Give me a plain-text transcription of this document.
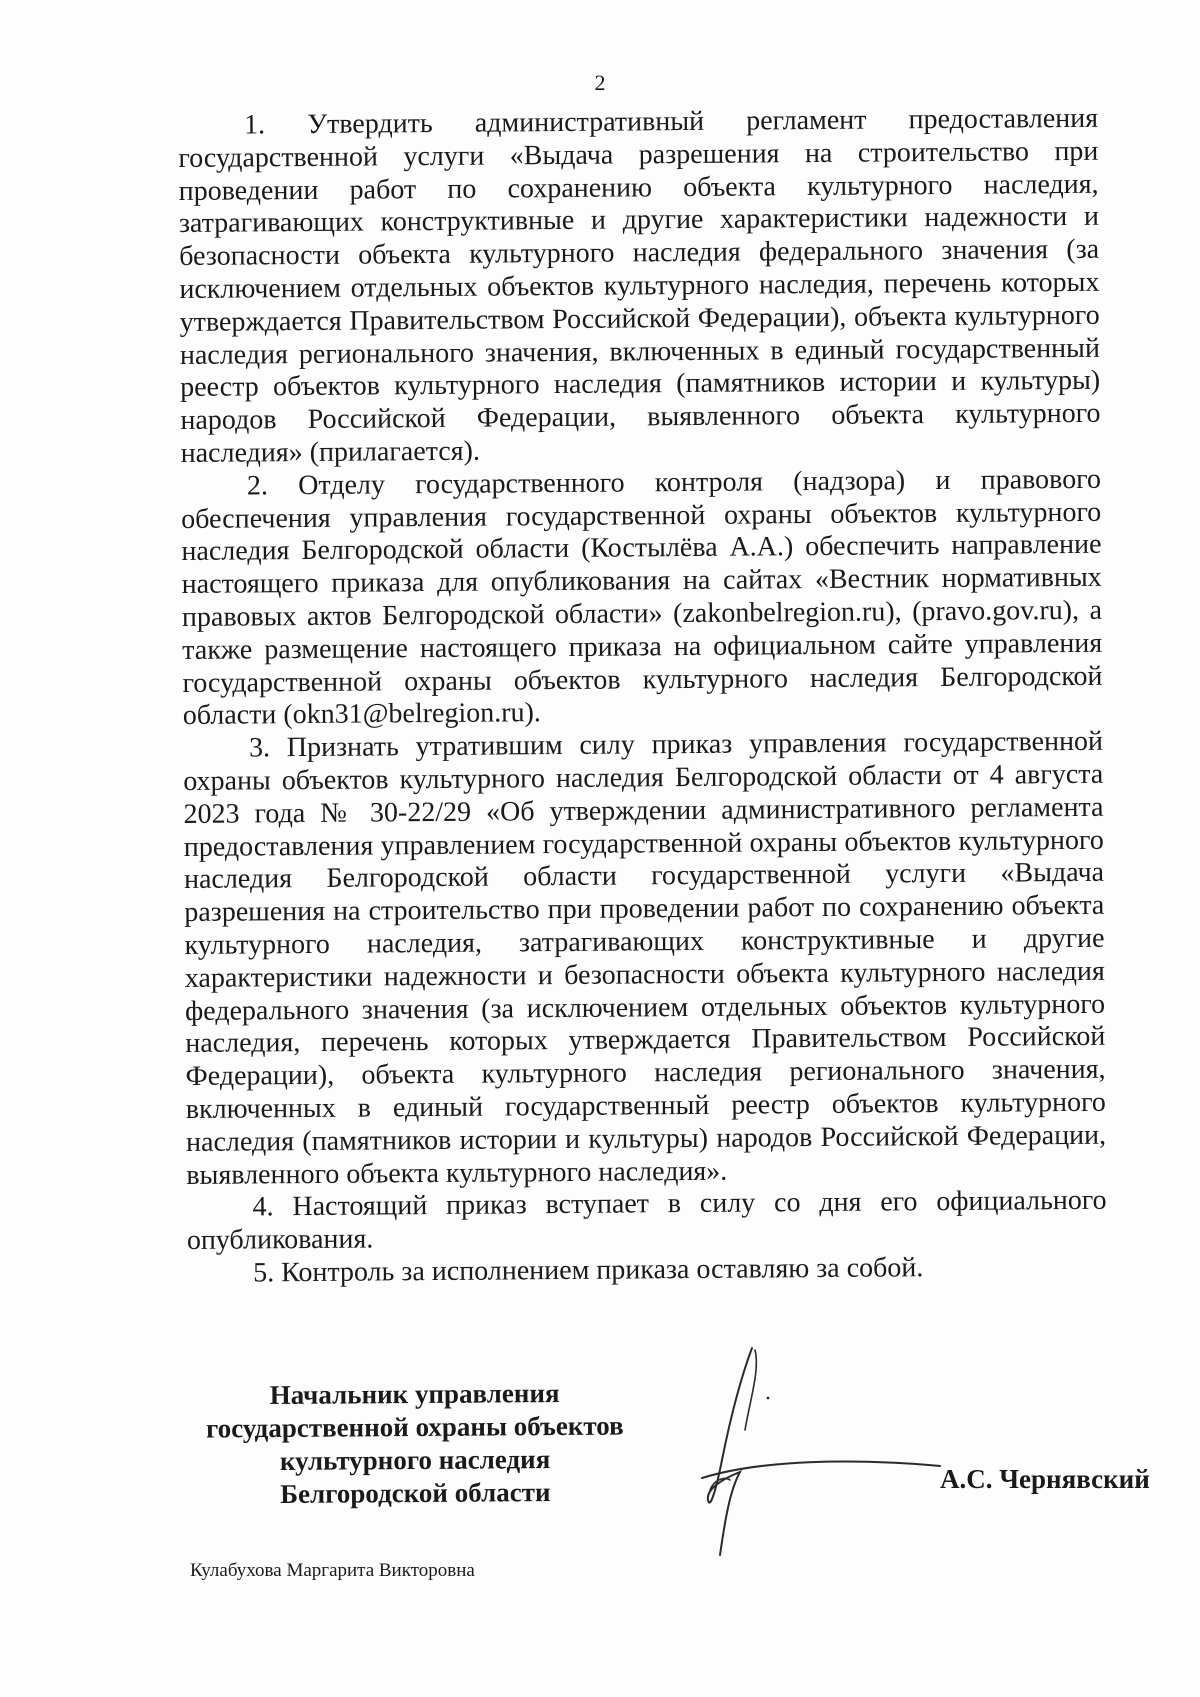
2

1. Утвердить административный регламент предоставления государственной услуги «Выдача разрешения на строительство при проведении работ по сохранению объекта культурного наследия, затрагивающих конструктивные и другие характеристики надежности и безопасности объекта культурного наследия федерального значения (за исключением отдельных объектов культурного наследия, перечень которых утверждается Правительством Российской Федерации), объекта культурного наследия регионального значения, включенных в единый государственный реестр объектов культурного наследия (памятников истории и культуры) народов Российской Федерации, выявленного объекта культурного наследия» (прилагается).

2. Отделу государственного контроля (надзора) и правового обеспечения управления государственной охраны объектов культурного наследия Белгородской области (Костылёва А.А.) обеспечить направление настоящего приказа для опубликования на сайтах «Вестник нормативных правовых актов Белгородской области» (zakonbelregion.ru), (pravo.gov.ru), а также размещение настоящего приказа на официальном сайте управления государственной охраны объектов культурного наследия Белгородской области (okn31@belregion.ru).

3. Признать утратившим силу приказ управления государственной охраны объектов культурного наследия Белгородской области от 4 августа 2023 года № 30-22/29 «Об утверждении административного регламента предоставления управлением государственной охраны объектов культурного наследия Белгородской области государственной услуги «Выдача разрешения на строительство при проведении работ по сохранению объекта культурного наследия, затрагивающих конструктивные и другие характеристики надежности и безопасности объекта культурного наследия федерального значения (за исключением отдельных объектов культурного наследия, перечень которых утверждается Правительством Российской Федерации), объекта культурного наследия регионального значения, включенных в единый государственный реестр объектов культурного наследия (памятников истории и культуры) народов Российской Федерации, выявленного объекта культурного наследия».

4. Настоящий приказ вступает в силу со дня его официального опубликования.

5. Контроль за исполнением приказа оставляю за собой.

Начальник управления
государственной охраны объектов
культурного наследия
Белгородской области	А.С. Чернявский
Кулабухова Маргарита Викторовна
